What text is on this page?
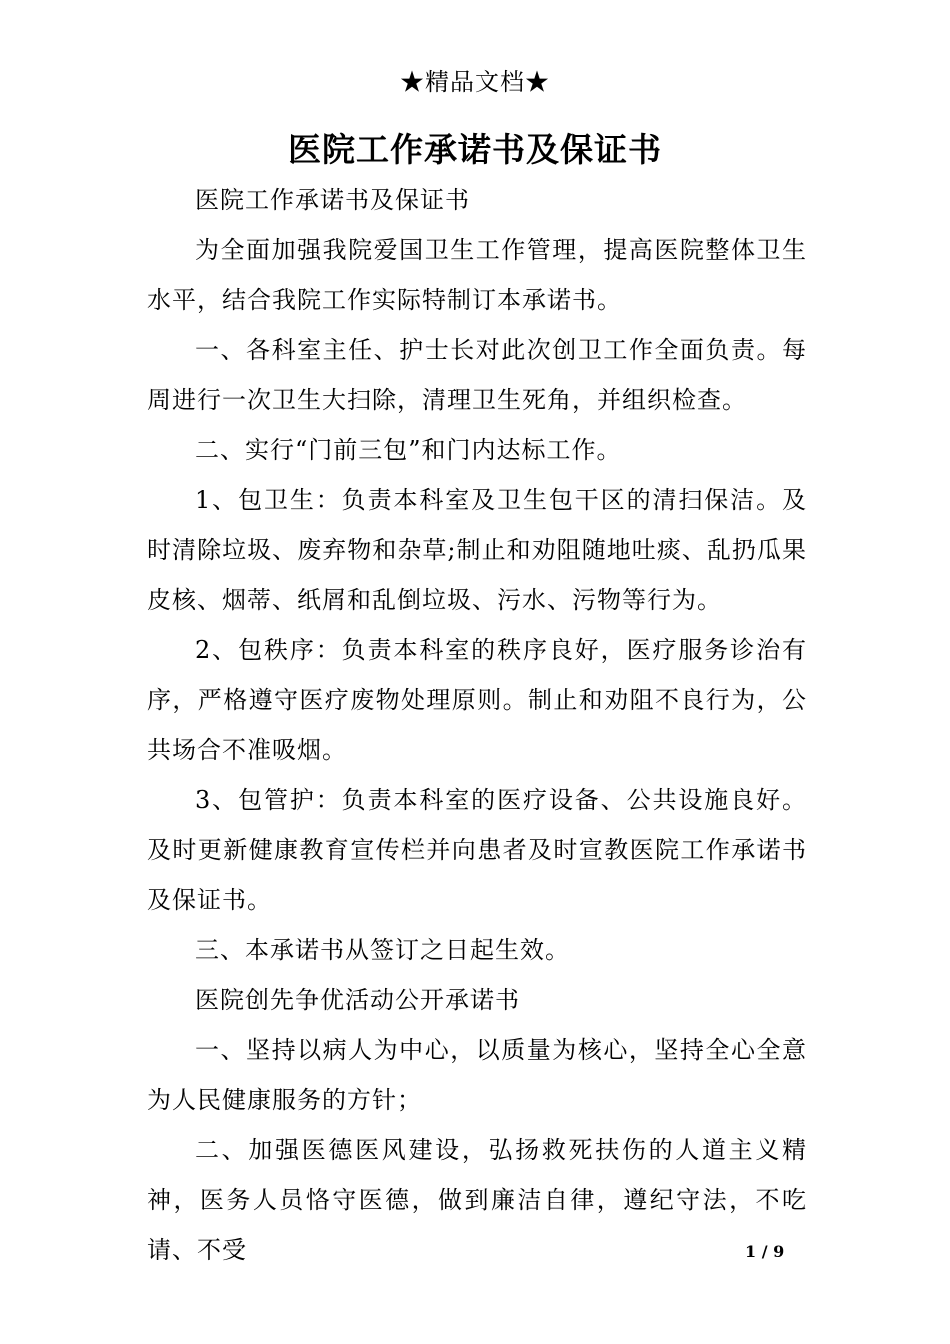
★精品文档★
医院工作承诺书及保证书

医院工作承诺书及保证书

为全面加强我院爱国卫生工作管理，提高医院整体卫生水平，结合我院工作实际特制订本承诺书。

一、各科室主任、护士长对此次创卫工作全面负责。每周进行一次卫生大扫除，清理卫生死角，并组织检查。

二、实行“门前三包”和门内达标工作。

1、包卫生：负责本科室及卫生包干区的清扫保洁。及时清除垃圾、废弃物和杂草;制止和劝阻随地吐痰、乱扔瓜果皮核、烟蒂、纸屑和乱倒垃圾、污水、污物等行为。

2、包秩序：负责本科室的秩序良好，医疗服务诊治有序，严格遵守医疗废物处理原则。制止和劝阻不良行为，公共场合不准吸烟。

3、包管护：负责本科室的医疗设备、公共设施良好。及时更新健康教育宣传栏并向患者及时宣教医院工作承诺书及保证书。

三、本承诺书从签订之日起生效。

医院创先争优活动公开承诺书

一、坚持以病人为中心，以质量为核心，坚持全心全意为人民健康服务的方针；

二、加强医德医风建设，弘扬救死扶伤的人道主义精神，医务人员恪守医德，做到廉洁自律，遵纪守法，不吃请、不受	1 / 9
